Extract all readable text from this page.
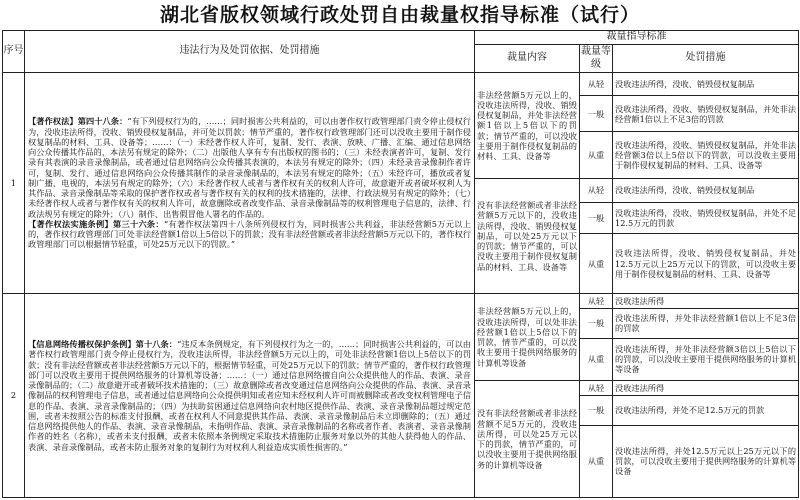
湖北省版权领域行政处罚自由裁量权指导标准（试行）
序号	违法行为及处罚依据、处罚措施	裁量指导标准		
		裁量内容	裁量等级	处罚措施
1	【著作权法】第四十八条：“有下列侵权行为的，……；同时损害公共利益的，可以由著作权行政管理部门责令停止侵权行为，没收违法所得，没收、销毁侵权复制品，并可处以罚款；情节严重的，著作权行政管理部门还可以没收主要用于制作侵权复制品的材料、工具、设备等；……：（一）未经著作权人许可，复制、发行、表演、放映、广播、汇编、通过信息网络向公众传播其作品的，本法另有规定的除外；（二）出版他人享有专有出版权的图书的；（三）未经表演者许可，复制、发行录有其表演的录音录像制品，或者通过信息网络向公众传播其表演的，本法另有规定的除外；（四）未经录音录像制作者许可，复制、发行、通过信息网络向公众传播其制作的录音录像制品的，本法另有规定的除外；（五）未经许可，播放或者复制广播、电视的，本法另有规定的除外；（六）未经著作权人或者与著作权有关的权利人许可，故意避开或者破坏权利人为其作品、录音录像制品等采取的保护著作权或者与著作权有关的权利的技术措施的，法律、行政法规另有规定的除外；（七）未经著作权人或者与著作权有关的权利人许可，故意删除或者改变作品、录音录像制品等的权利管理电子信息的，法律、行政法规另有规定的除外；（八）制作、出售假冒他人署名的作品的。
【著作权法实施条例】第三十六条：“有著作权法第四十八条所列侵权行为，同时损害公共利益，非法经营额5万元以上的，著作权行政管理部门可处非法经营额1倍以上5倍以下的罚款；没有非法经营额或者非法经营额5万元以下的，著作权行政管理部门可以根据情节轻重，可处25万元以下的罚款。”	非法经营额5万元以上的，没收违法所得，没收、销毁侵权复制品，并处非法经营额1倍以上5倍以下的罚款；情节严重的，可以没收主要用于制作侵权复制品的材料、工具、设备等	从轻	没收违法所得，没收、销毁侵权复制品
			一般	没收违法所得，没收、销毁侵权复制品，并处非法经营额1倍以上不足3倍的罚款
			从重	没收违法所得，没收、销毁侵权复制品，并处非法经营额3倍以上5倍以下的罚款，可以没收主要用于制作侵权复制品的材料、工具、设备等
		没有非法经营额或者非法经营额5万元以下的，没收违法所得，没收、销毁侵权复制品，可以处25万元以下的罚款；情节严重的，可以没收主要用于制作侵权复制品的材料、工具、设备等	从轻	没收违法所得，没收、销毁侵权复制品
			一般	没收违法所得，没收、销毁侵权复制品，并处不足12.5万元的罚款
			从重	没收违法所得，没收、销毁侵权复制品，并处12.5万元以上25万元以下的罚款，可以没收主要用于制作侵权复制品的材料、工具、设备等
2	【信息网络传播权保护条例】第十八条：“违反本条例规定，有下列侵权行为之一的，……；同时损害公共利益的，可以由著作权行政管理部门责令停止侵权行为，没收违法所得，非法经营额5万元以上的，可处非法经营额1倍以上5倍以下的罚款；没有非法经营额或者非法经营额5万元以下的，根据情节轻重，可处25万元以下的罚款；情节严重的，著作权行政管理部门可以没收主要用于提供网络服务的计算机等设备；……：（一）通过信息网络擅自向公众提供他人的作品、表演、录音录像制品的；（二）故意避开或者破坏技术措施的；（三）故意删除或者改变通过信息网络向公众提供的作品、表演、录音录像制品的权利管理电子信息，或者通过信息网络向公众提供明知或者应知未经权利人许可而被删除或者改变权利管理电子信息的作品、表演、录音录像制品的；（四）为扶助贫困通过信息网络向农村地区提供作品、表演、录音录像制品超过规定范围，或者未按照公告的标准支付报酬，或者在权利人不同意提供其作品、表演、录音录像制品后未立即删除的；（五）通过信息网络提供他人的作品、表演、录音录像制品，未指明作品、表演、录音录像制品的名称或者作者、表演者、录音录像制作者的姓名（名称），或者未支付报酬，或者未依照本条例规定采取技术措施防止服务对象以外的其他人获得他人的作品、表演、录音录像制品，或者未防止服务对象的复制行为对权利人利益造成实质性损害的。”	非法经营额5万元以上的，没收违法所得，可以处非法经营额1倍以上5倍以下的罚款，情节严重的，可以没收主要用于提供网络服务的计算机等设备	从轻	没收违法所得
			一般	没收违法所得，并处非法经营额1倍以上不足3倍的罚款
			从重	没收违法所得，并处非法经营额3倍以上5倍以下的罚款，可以没收主要用于提供网络服务的计算机等设备
		没有非法经营额或者非法经营额不足5万元的，没收违法所得，可以处25万元以下的罚款，情节严重的，可以没收主要用于提供网络服务的计算机等设备	从轻	没收违法所得
			一般	没收违法所得，并处不足12.5万元的罚款
			从重	没收违法所得，并处12.5万元以上25万元以下的罚款，可以没收主要用于提供网络服务的计算机等设备
